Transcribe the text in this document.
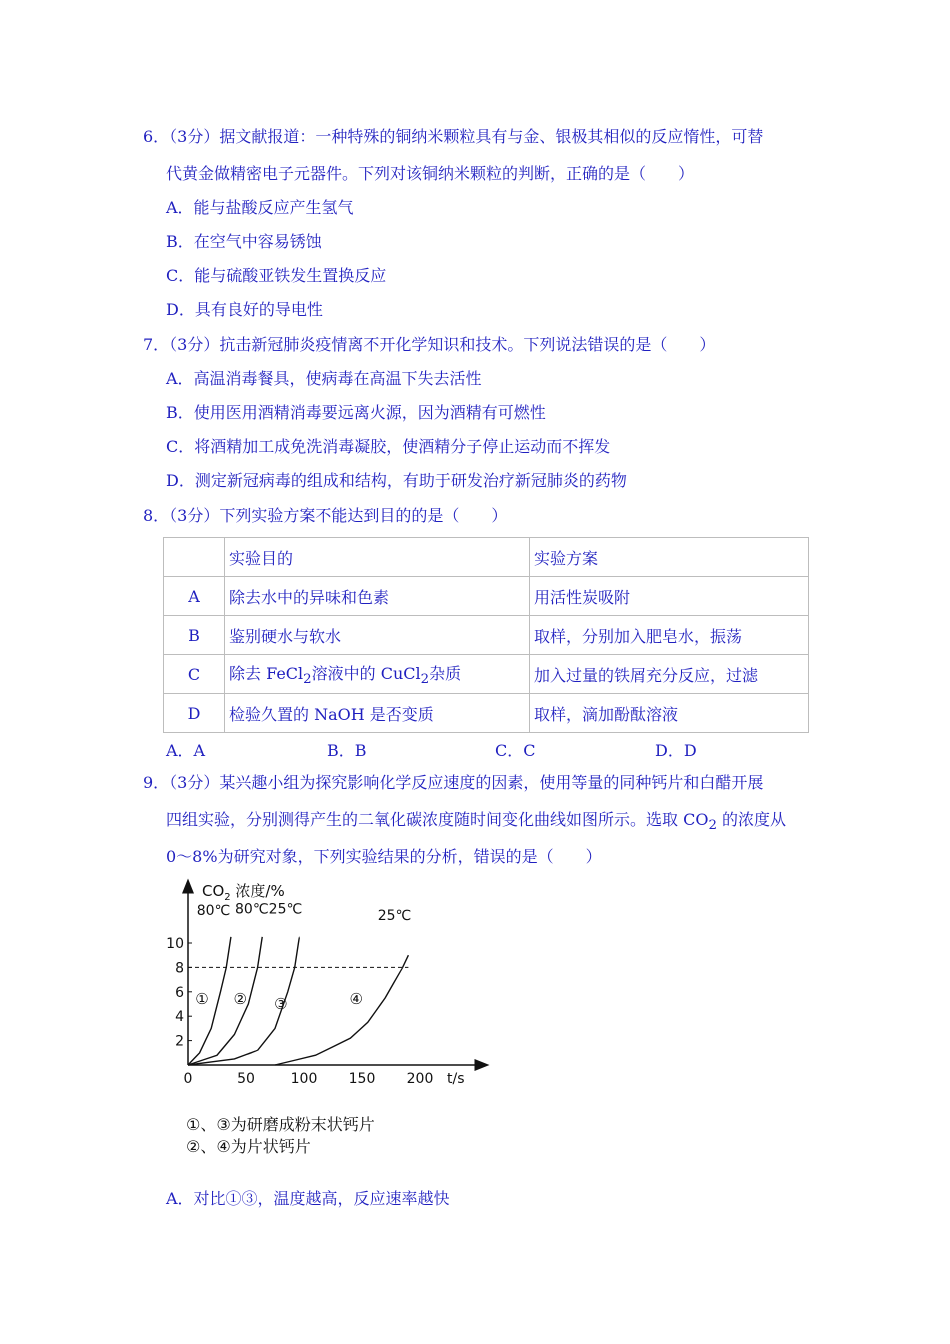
6．（3分）据文献报道：一种特殊的铜纳米颗粒具有与金、银极其相似的反应惰性，可替
代黄金做精密电子元器件。下列对该铜纳米颗粒的判断，正确的是（　　）
A．能与盐酸反应产生氢气
B．在空气中容易锈蚀
C．能与硫酸亚铁发生置换反应
D．具有良好的导电性
7．（3分）抗击新冠肺炎疫情离不开化学知识和技术。下列说法错误的是（　　）
A．高温消毒餐具，使病毒在高温下失去活性
B．使用医用酒精消毒要远离火源，因为酒精有可燃性
C．将酒精加工成免洗消毒凝胶，使酒精分子停止运动而不挥发
D．测定新冠病毒的组成和结构，有助于研发治疗新冠肺炎的药物
8．（3分）下列实验方案不能达到目的的是（　　）
	实验目的	实验方案
A	除去水中的异味和色素	用活性炭吸附
B	鉴别硬水与软水	取样，分别加入肥皂水，振荡
C	除去 FeCl$_2$溶液中的 CuCl$_2$杂质	加入过量的铁屑充分反应，过滤
D	检验久置的 NaOH 是否变质	取样，滴加酚酞溶液
A．A	B．B	C．C	D．D
9．（3分）某兴趣小组为探究影响化学反应速度的因素，使用等量的同种钙片和白醋开展
四组实验，分别测得产生的二氧化碳浓度随时间变化曲线如图所示。选取 $CO_2$ 的浓度从
0～8%为研究对象，下列实验结果的分析，错误的是（　　）
$CO_2$ 浓度/%
t/s
0	50	100 150 200
2
4
6
8
10
①
80℃
②
80℃
③
25℃
④
25℃
①、③为研磨成粉末状钙片
②、④为片状钙片
A．对比①③，温度越高，反应速率越快
